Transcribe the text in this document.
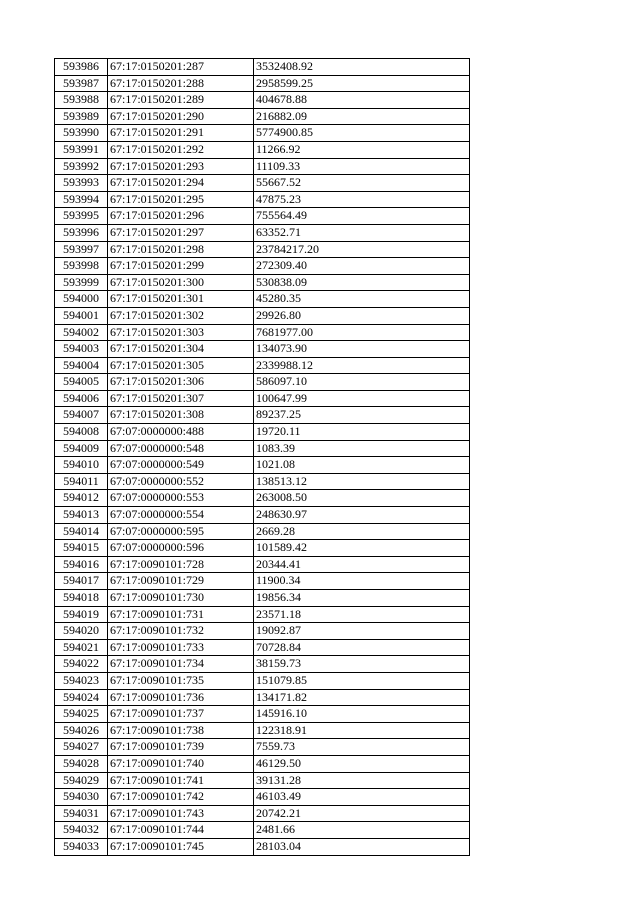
593986	67:17:0150201:287	3532408.92
593987	67:17:0150201:288	2958599.25
593988	67:17:0150201:289	404678.88
593989	67:17:0150201:290	216882.09
593990	67:17:0150201:291	5774900.85
593991	67:17:0150201:292	11266.92
593992	67:17:0150201:293	11109.33
593993	67:17:0150201:294	55667.52
593994	67:17:0150201:295	47875.23
593995	67:17:0150201:296	755564.49
593996	67:17:0150201:297	63352.71
593997	67:17:0150201:298	23784217.20
593998	67:17:0150201:299	272309.40
593999	67:17:0150201:300	530838.09
594000	67:17:0150201:301	45280.35
594001	67:17:0150201:302	29926.80
594002	67:17:0150201:303	7681977.00
594003	67:17:0150201:304	134073.90
594004	67:17:0150201:305	2339988.12
594005	67:17:0150201:306	586097.10
594006	67:17:0150201:307	100647.99
594007	67:17:0150201:308	89237.25
594008	67:07:0000000:488	19720.11
594009	67:07:0000000:548	1083.39
594010	67:07:0000000:549	1021.08
594011	67:07:0000000:552	138513.12
594012	67:07:0000000:553	263008.50
594013	67:07:0000000:554	248630.97
594014	67:07:0000000:595	2669.28
594015	67:07:0000000:596	101589.42
594016	67:17:0090101:728	20344.41
594017	67:17:0090101:729	11900.34
594018	67:17:0090101:730	19856.34
594019	67:17:0090101:731	23571.18
594020	67:17:0090101:732	19092.87
594021	67:17:0090101:733	70728.84
594022	67:17:0090101:734	38159.73
594023	67:17:0090101:735	151079.85
594024	67:17:0090101:736	134171.82
594025	67:17:0090101:737	145916.10
594026	67:17:0090101:738	122318.91
594027	67:17:0090101:739	7559.73
594028	67:17:0090101:740	46129.50
594029	67:17:0090101:741	39131.28
594030	67:17:0090101:742	46103.49
594031	67:17:0090101:743	20742.21
594032	67:17:0090101:744	2481.66
594033	67:17:0090101:745	28103.04
